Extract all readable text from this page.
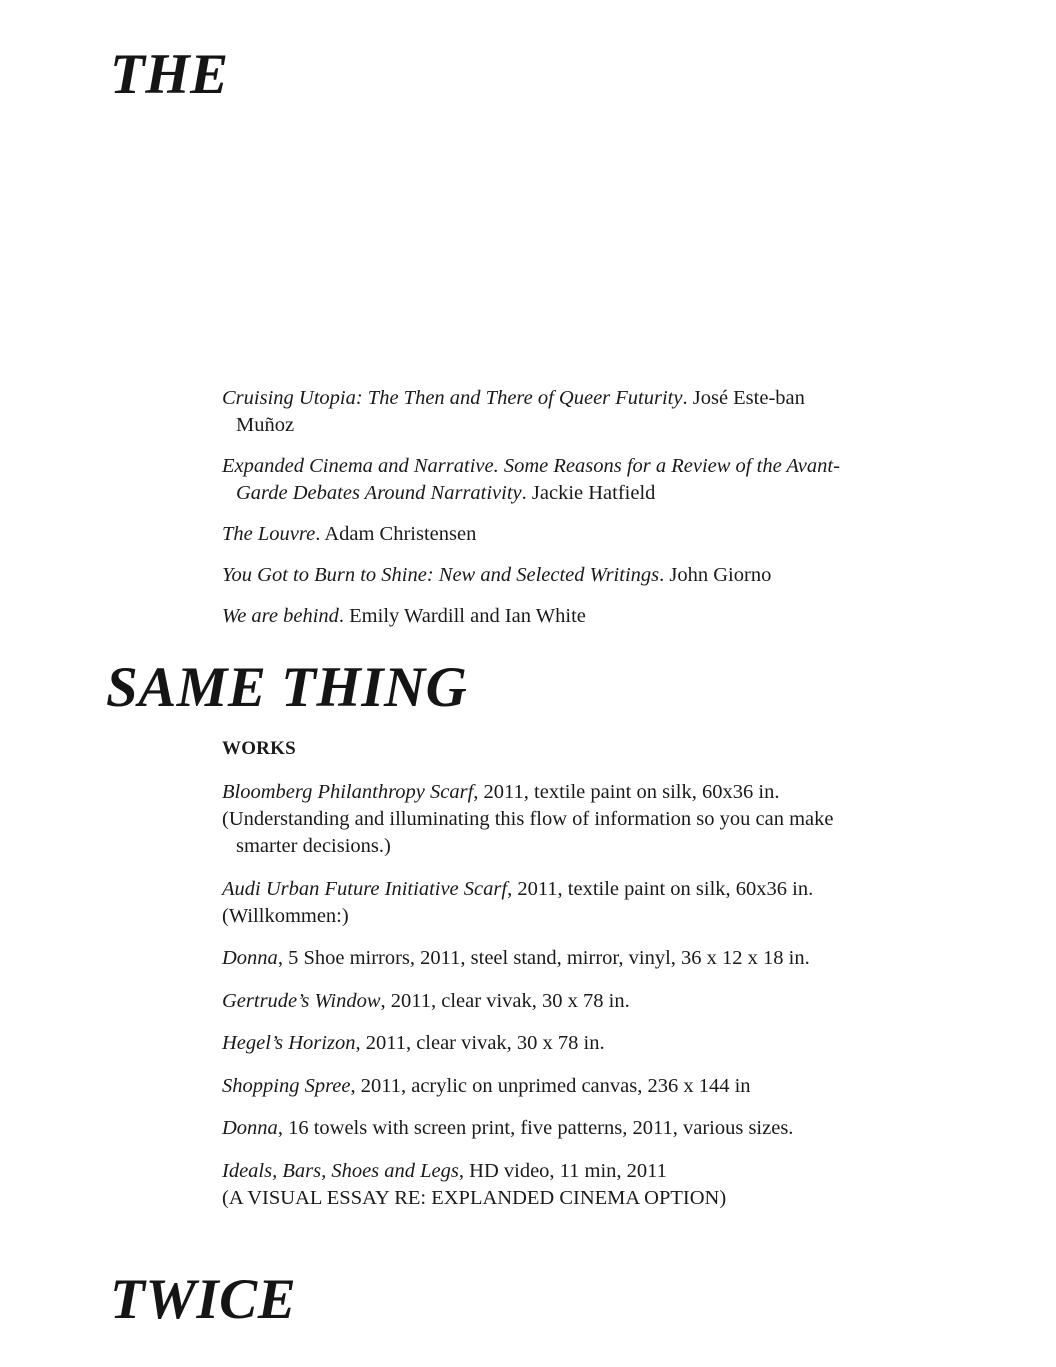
THE

Cruising Utopia: The Then and There of Queer Futurity. José Este-ban Muñoz

Expanded Cinema and Narrative. Some Reasons for a Review of the Avant-Garde Debates Around Narrativity. Jackie Hatfield

The Louvre. Adam Christensen

You Got to Burn to Shine: New and Selected Writings. John Giorno

We are behind. Emily Wardill and Ian White

SAME THING
WORKS

Bloomberg Philanthropy Scarf, 2011, textile paint on silk, 60x36 in.
(Understanding and illuminating this flow of information so you can make smarter decisions.)

Audi Urban Future Initiative Scarf, 2011, textile paint on silk, 60x36 in.
(Willkommen:)

Donna, 5 Shoe mirrors, 2011, steel stand, mirror, vinyl, 36 x 12 x 18 in.

Gertrude’s Window, 2011, clear vivak, 30 x 78 in.

Hegel’s Horizon, 2011, clear vivak, 30 x 78 in.

Shopping Spree, 2011, acrylic on unprimed canvas, 236 x 144 in

Donna, 16 towels with screen print, five patterns, 2011, various sizes.

Ideals, Bars, Shoes and Legs, HD video, 11 min, 2011
(A VISUAL ESSAY RE: EXPLANDED CINEMA OPTION)

TWICE
